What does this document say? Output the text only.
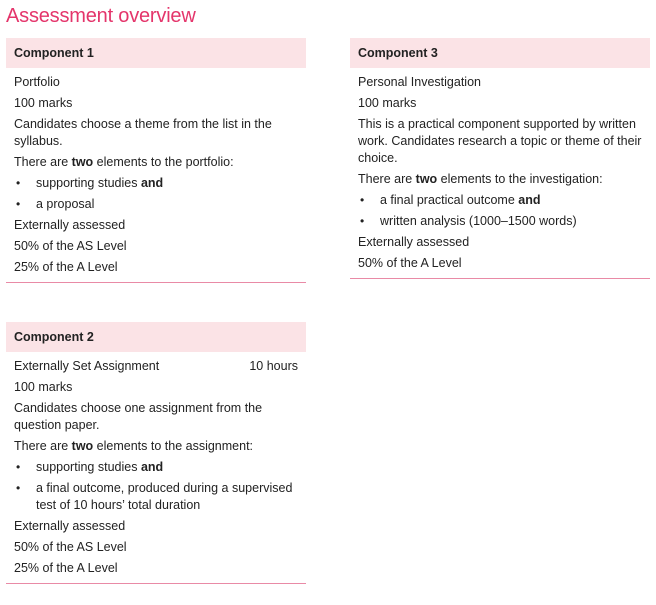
Assessment overview
Component 1
Portfolio
100 marks
Candidates choose a theme from the list in the syllabus.
There are two elements to the portfolio:
• supporting studies and
• a proposal
Externally assessed
50% of the AS Level
25% of the A Level
Component 3
Personal Investigation
100 marks
This is a practical component supported by written work. Candidates research a topic or theme of their choice.
There are two elements to the investigation:
• a final practical outcome and
• written analysis (1000–1500 words)
Externally assessed
50% of the A Level
Component 2
Externally Set Assignment	10 hours
100 marks
Candidates choose one assignment from the question paper.
There are two elements to the assignment:
• supporting studies and
• a final outcome, produced during a supervised test of 10 hours’ total duration
Externally assessed
50% of the AS Level
25% of the A Level
